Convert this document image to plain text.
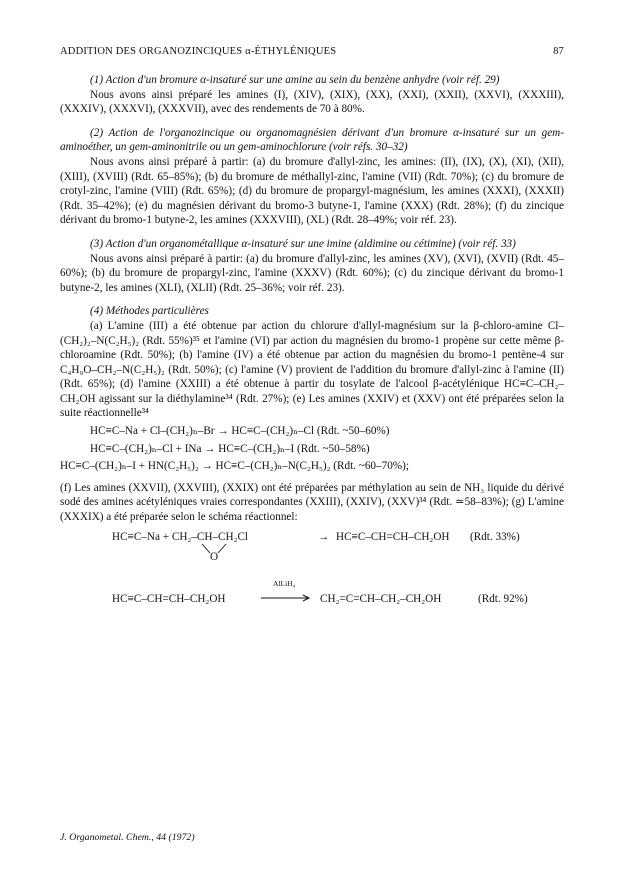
ADDITION DES ORGANOZINCIQUES α-ÉTHYLÉNIQUES	87

(1) Action d'un bromure α-insaturé sur une amine au sein du benzène anhydre (voir réf. 29)

Nous avons ainsi préparé les amines (I), (XIV), (XIX), (XX), (XXI), (XXII), (XXVI), (XXXIII), (XXXIV), (XXXVI), (XXXVII), avec des rendements de 70 à 80%.

(2) Action de l'organozincique ou organomagnésien dérivant d'un bromure α-insaturé sur un gem-aminoéther, un gem-aminonitrile ou un gem-aminochlorure (voir réfs. 30–32)

Nous avons ainsi préparé à partir: (a) du bromure d'allyl-zinc, les amines: (II), (IX), (X), (XI), (XII), (XIII), (XVIII) (Rdt. 65–85%); (b) du bromure de méthallyl-zinc, l'amine (VII) (Rdt. 70%); (c) du bromure de crotyl-zinc, l'amine (VIII) (Rdt. 65%); (d) du bromure de propargyl-magnésium, les amines (XXXI), (XXXII) (Rdt. 35–42%); (e) du magnésien dérivant du bromo-3 butyne-1, l'amine (XXX) (Rdt. 28%); (f) du zincique dérivant du bromo-1 butyne-2, les amines (XXXVIII), (XL) (Rdt. 28–49%; voir réf. 23).

(3) Action d'un organométallique α-insaturé sur une imine (aldimine ou cétimine) (voir réf. 33)

Nous avons ainsi préparé à partir: (a) du bromure d'allyl-zinc, les amines (XV), (XVI), (XVII) (Rdt. 45–60%); (b) du bromure de propargyl-zinc, l'amine (XXXV) (Rdt. 60%); (c) du zincique dérivant du bromo-1 butyne-2, les amines (XLI), (XLII) (Rdt. 25–36%; voir réf. 23).

(4) Méthodes particulières

(a) L'amine (III) a été obtenue par action du chlorure d'allyl-magnésium sur la β-chloro-amine Cl–(CH₂)₂–N(C₂H₅)₂ (Rdt. 55%)³⁵ et l'amine (VI) par action du magnésien du bromo-1 propène sur cette même β-chloroamine (Rdt. 50%); (b) l'amine (IV) a été obtenue par action du magnésien du bromo-1 pentène-4 sur C₄H₉O–CH₂–N(C₂H₅)₂ (Rdt. 50%); (c) l'amine (V) provient de l'addition du bromure d'allyl-zinc à l'amine (II) (Rdt. 65%); (d) l'amine (XXIII) a été obtenue à partir du tosylate de l'alcool β-acétylénique HC≡C–CH₂–CH₂OH agissant sur la diéthylamine³⁴ (Rdt. 27%); (e) Les amines (XXIV) et (XXV) ont été préparées selon la suite réactionnelle³⁴

HC≡C–Na + Cl–(CH₂)ₙ–Br → HC≡C–(CH₂)ₙ–Cl (Rdt. ~50–60%)
HC≡C–(CH₂)ₙ–Cl + INa → HC≡C–(CH₂)ₙ–I (Rdt. ~50–58%)
HC≡C–(CH₂)ₙ–I + HN(C₂H₅)₂ → HC≡C–(CH₂)ₙ–N(C₂H₅)₂ (Rdt. ~60–70%);

(f) Les amines (XXVII), (XXVIII), (XXIX) ont été préparées par méthylation au sein de NH₃ liquide du dérivé sodé des amines acétyléniques vraies correspondantes (XXIII), (XXIV), (XXV)³⁴ (Rdt. ≃58–83%); (g) L'amine (XXXIX) a été préparée selon le schéma réactionnel:

HC≡C–Na + CH₂–CH–CH₂Cl
O
→ HC≡C–CH=CH–CH₂OH (Rdt. 33%)
HC≡C–CH=CH–CH₂OH
AlLiH₄
CH₂=C=CH–CH₂–CH₂OH	(Rdt. 92%)
J. Organometal. Chem., 44 (1972)
